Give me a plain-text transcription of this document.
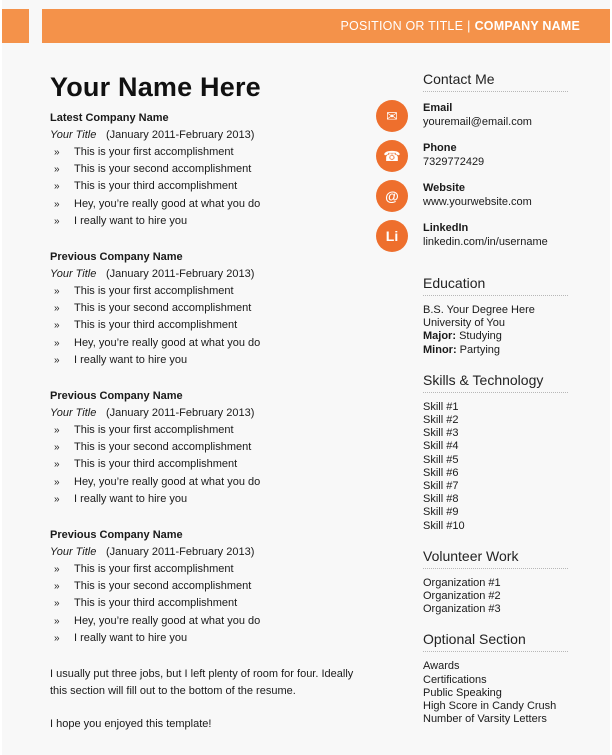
POSITION OR TITLE | COMPANY NAME
Your Name Here
Latest Company Name
Your Title (January 2011-February 2013)
» This is your first accomplishment
» This is your second accomplishment
» This is your third accomplishment
» Hey, you’re really good at what you do
» I really want to hire you
Previous Company Name
Your Title (January 2011-February 2013)
» This is your first accomplishment
» This is your second accomplishment
» This is your third accomplishment
» Hey, you’re really good at what you do
» I really want to hire you
Previous Company Name
Your Title (January 2011-February 2013)
» This is your first accomplishment
» This is your second accomplishment
» This is your third accomplishment
» Hey, you’re really good at what you do
» I really want to hire you
Previous Company Name
Your Title (January 2011-February 2013)
» This is your first accomplishment
» This is your second accomplishment
» This is your third accomplishment
» Hey, you’re really good at what you do
» I really want to hire you
I usually put three jobs, but I left plenty of room for four. Ideally this section will fill out to the bottom of the resume.
I hope you enjoyed this template!
Contact Me
✉	Email
youremail@email.com
☎	Phone
7329772429
@	Website
www.yourwebsite.com
Li	LinkedIn
linkedin.com/in/username
Education
B.S. Your Degree Here
University of You
Major: Studying
Minor: Partying
Skills & Technology
Skill #1
Skill #2
Skill #3
Skill #4
Skill #5
Skill #6
Skill #7
Skill #8
Skill #9
Skill #10
Volunteer Work
Organization #1
Organization #2
Organization #3
Optional Section
Awards
Certifications
Public Speaking
High Score in Candy Crush
Number of Varsity Letters
